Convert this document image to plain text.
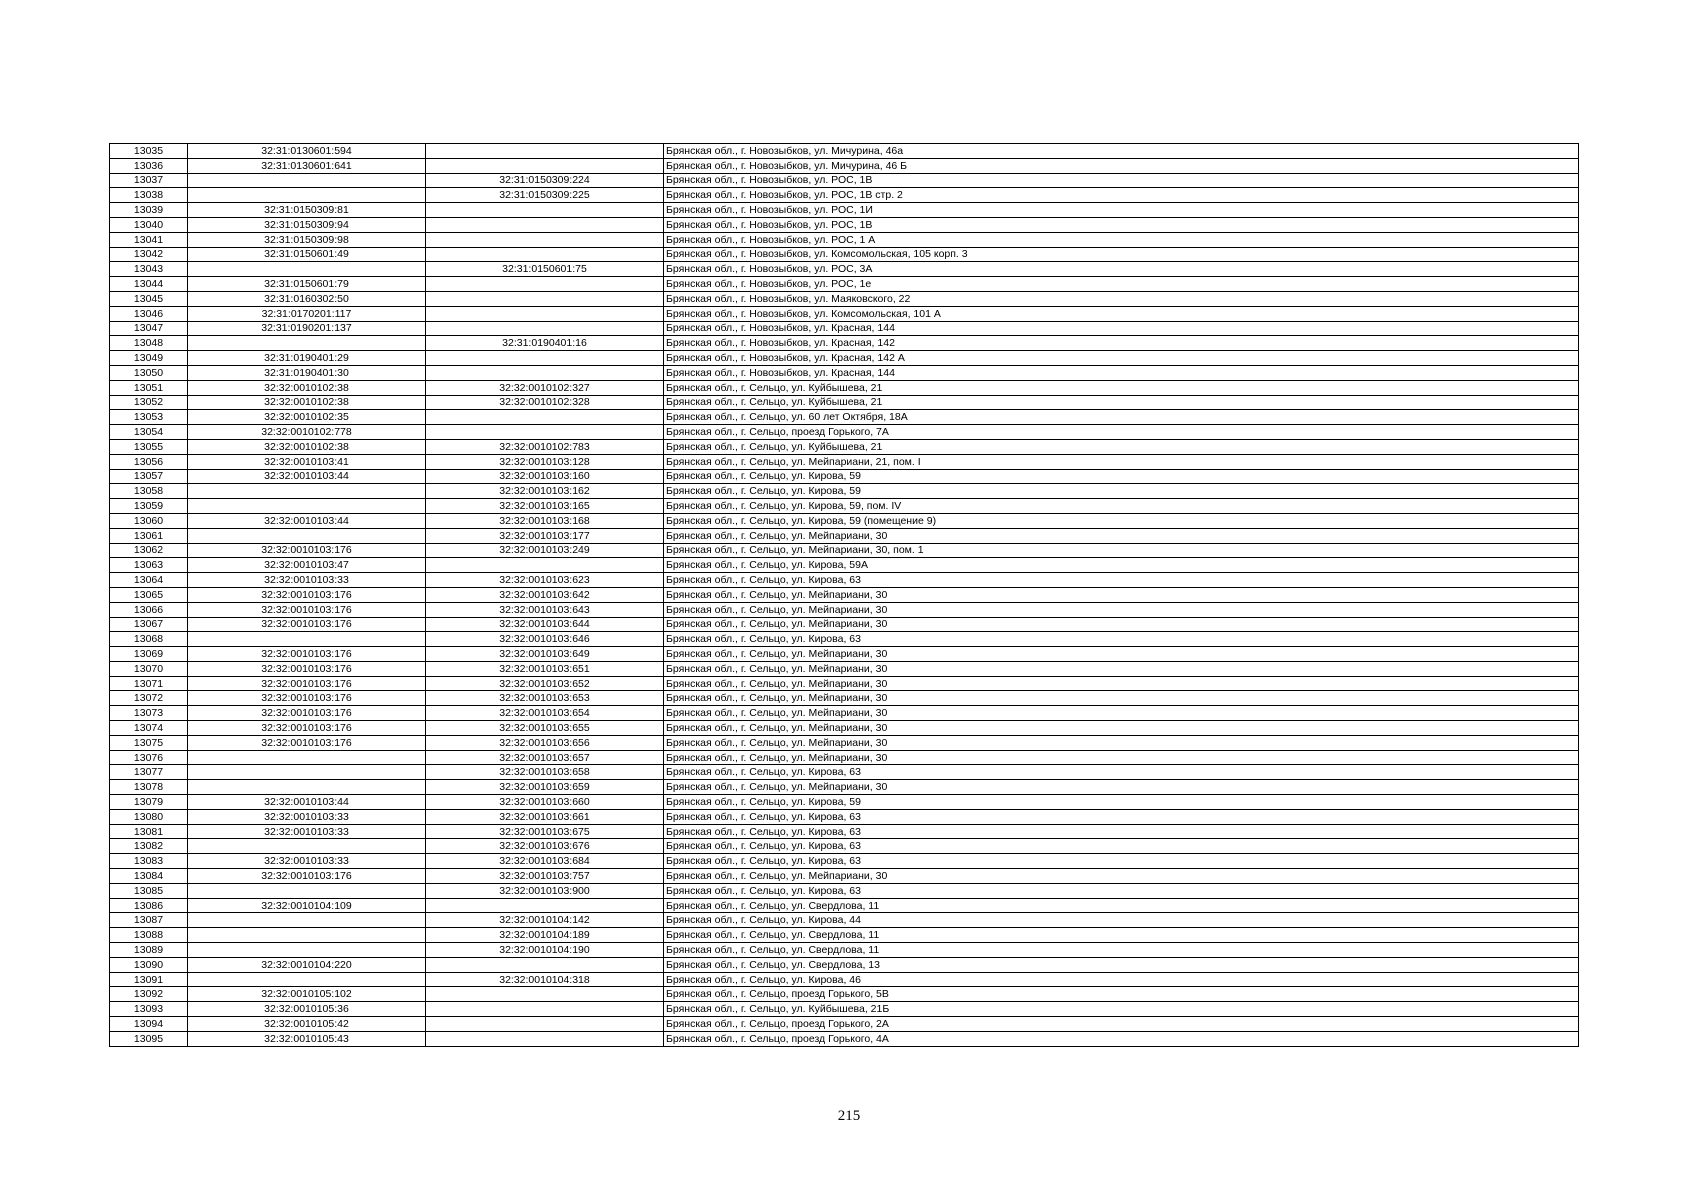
13035	32:31:0130601:594		Брянская обл., г. Новозыбков, ул. Мичурина, 46а
13036	32:31:0130601:641		Брянская обл., г. Новозыбков, ул. Мичурина, 46 Б
13037		32:31:0150309:224	Брянская обл., г. Новозыбков, ул. РОС, 1В
13038		32:31:0150309:225	Брянская обл., г. Новозыбков, ул. РОС, 1В стр. 2
13039	32:31:0150309:81		Брянская обл., г. Новозыбков, ул. РОС, 1И
13040	32:31:0150309:94		Брянская обл., г. Новозыбков, ул. РОС, 1В
13041	32:31:0150309:98		Брянская обл., г. Новозыбков, ул. РОС, 1 А
13042	32:31:0150601:49		Брянская обл., г. Новозыбков, ул. Комсомольская, 105 корп. 3
13043		32:31:0150601:75	Брянская обл., г. Новозыбков, ул. РОС, 3А
13044	32:31:0150601:79		Брянская обл., г. Новозыбков, ул. РОС, 1е
13045	32:31:0160302:50		Брянская обл., г. Новозыбков, ул. Маяковского, 22
13046	32:31:0170201:117		Брянская обл., г. Новозыбков, ул. Комсомольская, 101 А
13047	32:31:0190201:137		Брянская обл., г. Новозыбков, ул. Красная, 144
13048		32:31:0190401:16	Брянская обл., г. Новозыбков, ул. Красная, 142
13049	32:31:0190401:29		Брянская обл., г. Новозыбков, ул. Красная, 142 А
13050	32:31:0190401:30		Брянская обл., г. Новозыбков, ул. Красная, 144
13051	32:32:0010102:38	32:32:0010102:327	Брянская обл., г. Сельцо, ул. Куйбышева, 21
13052	32:32:0010102:38	32:32:0010102:328	Брянская обл., г. Сельцо, ул. Куйбышева, 21
13053	32:32:0010102:35		Брянская обл., г. Сельцо, ул. 60 лет Октября, 18А
13054	32:32:0010102:778		Брянская обл., г. Сельцо, проезд Горького, 7А
13055	32:32:0010102:38	32:32:0010102:783	Брянская обл., г. Сельцо, ул. Куйбышева, 21
13056	32:32:0010103:41	32:32:0010103:128	Брянская обл., г. Сельцо, ул. Мейпариани, 21, пом. I
13057	32:32:0010103:44	32:32:0010103:160	Брянская обл., г. Сельцо, ул. Кирова, 59
13058		32:32:0010103:162	Брянская обл., г. Сельцо, ул. Кирова, 59
13059		32:32:0010103:165	Брянская обл., г. Сельцо, ул. Кирова, 59, пом. IV
13060	32:32:0010103:44	32:32:0010103:168	Брянская обл., г. Сельцо, ул. Кирова, 59 (помещение 9)
13061		32:32:0010103:177	Брянская обл., г. Сельцо, ул. Мейпариани, 30
13062	32:32:0010103:176	32:32:0010103:249	Брянская обл., г. Сельцо, ул. Мейпариани, 30, пом. 1
13063	32:32:0010103:47		Брянская обл., г. Сельцо, ул. Кирова, 59А
13064	32:32:0010103:33	32:32:0010103:623	Брянская обл., г. Сельцо, ул. Кирова, 63
13065	32:32:0010103:176	32:32:0010103:642	Брянская обл., г. Сельцо, ул. Мейпариани, 30
13066	32:32:0010103:176	32:32:0010103:643	Брянская обл., г. Сельцо, ул. Мейпариани, 30
13067	32:32:0010103:176	32:32:0010103:644	Брянская обл., г. Сельцо, ул. Мейпариани, 30
13068		32:32:0010103:646	Брянская обл., г. Сельцо, ул. Кирова, 63
13069	32:32:0010103:176	32:32:0010103:649	Брянская обл., г. Сельцо, ул. Мейпариани, 30
13070	32:32:0010103:176	32:32:0010103:651	Брянская обл., г. Сельцо, ул. Мейпариани, 30
13071	32:32:0010103:176	32:32:0010103:652	Брянская обл., г. Сельцо, ул. Мейпариани, 30
13072	32:32:0010103:176	32:32:0010103:653	Брянская обл., г. Сельцо, ул. Мейпариани, 30
13073	32:32:0010103:176	32:32:0010103:654	Брянская обл., г. Сельцо, ул. Мейпариани, 30
13074	32:32:0010103:176	32:32:0010103:655	Брянская обл., г. Сельцо, ул. Мейпариани, 30
13075	32:32:0010103:176	32:32:0010103:656	Брянская обл., г. Сельцо, ул. Мейпариани, 30
13076		32:32:0010103:657	Брянская обл., г. Сельцо, ул. Мейпариани, 30
13077		32:32:0010103:658	Брянская обл., г. Сельцо, ул. Кирова, 63
13078		32:32:0010103:659	Брянская обл., г. Сельцо, ул. Мейпариани, 30
13079	32:32:0010103:44	32:32:0010103:660	Брянская обл., г. Сельцо, ул. Кирова, 59
13080	32:32:0010103:33	32:32:0010103:661	Брянская обл., г. Сельцо, ул. Кирова, 63
13081	32:32:0010103:33	32:32:0010103:675	Брянская обл., г. Сельцо, ул. Кирова, 63
13082		32:32:0010103:676	Брянская обл., г. Сельцо, ул. Кирова, 63
13083	32:32:0010103:33	32:32:0010103:684	Брянская обл., г. Сельцо, ул. Кирова, 63
13084	32:32:0010103:176	32:32:0010103:757	Брянская обл., г. Сельцо, ул. Мейпариани, 30
13085		32:32:0010103:900	Брянская обл., г. Сельцо, ул. Кирова, 63
13086	32:32:0010104:109		Брянская обл., г. Сельцо, ул. Свердлова, 11
13087		32:32:0010104:142	Брянская обл., г. Сельцо, ул. Кирова, 44
13088		32:32:0010104:189	Брянская обл., г. Сельцо, ул. Свердлова, 11
13089		32:32:0010104:190	Брянская обл., г. Сельцо, ул. Свердлова, 11
13090	32:32:0010104:220		Брянская обл., г. Сельцо, ул. Свердлова, 13
13091		32:32:0010104:318	Брянская обл., г. Сельцо, ул. Кирова, 46
13092	32:32:0010105:102		Брянская обл., г. Сельцо, проезд Горького, 5В
13093	32:32:0010105:36		Брянская обл., г. Сельцо, ул. Куйбышева, 21Б
13094	32:32:0010105:42		Брянская обл., г. Сельцо, проезд Горького, 2А
13095	32:32:0010105:43		Брянская обл., г. Сельцо, проезд Горького, 4А
215
